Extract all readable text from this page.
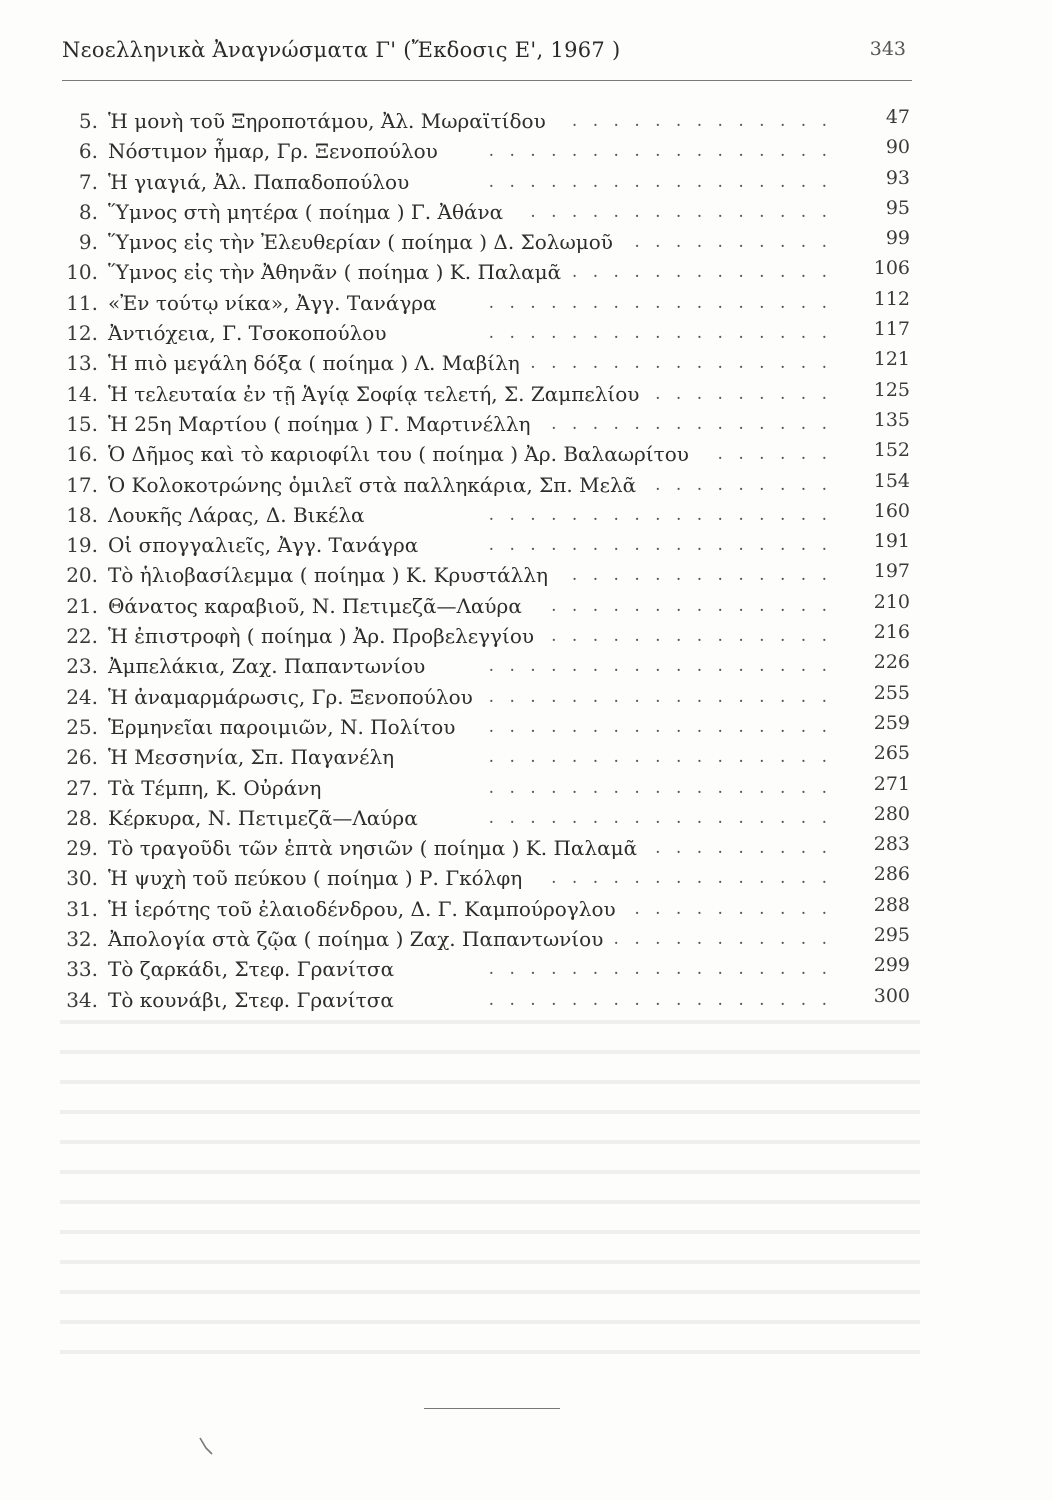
Νεοελληνικὰ Ἀναγνώσματα Γ' (Ἔκδοσις Ε', 1967 )	343
5. Ἡ μονὴ τοῦ Ξηροποτάμου, Ἀλ. Μωραϊτίδου . . . . . . . . . . . . .	47
6. Νόστιμον ἦμαρ, Γρ. Ξενοπούλου	. . . . . . . . . . . . . . . . .	90
7. Ἡ γιαγιά, Ἀλ. Παπαδοπούλου	. . . . . . . . . . . . . . . . .	93
8. Ὕμνος στὴ μητέρα ( ποίημα ) Γ. Ἀθάνα . . . . . . . . . . . . . . .	95
9. Ὕμνος εἰς τὴν Ἐλευθερίαν ( ποίημα ) Δ. Σολωμοῦ . . . . . . . . . .	99
10. Ὕμνος εἰς τὴν Ἀθηνᾶν ( ποίημα ) Κ. Παλαμᾶ . . . . . . . . . . . . .	106
11. «Ἐν τούτῳ νίκα», Ἀγγ. Τανάγρα	. . . . . . . . . . . . . . . . .	112
12. Ἀντιόχεια, Γ. Τσοκοπούλου	. . . . . . . . . . . . . . . . .	117
13. Ἡ πιὸ μεγάλη δόξα ( ποίημα ) Λ. Μαβίλη . . . . . . . . . . . . . . .	121
14. Ἡ τελευταία ἐν τῇ Ἁγίᾳ Σοφίᾳ τελετή, Σ. Ζαμπελίου . . . . . . . . .	125
15. Ἡ 25η Μαρτίου ( ποίημα ) Γ. Μαρτινέλλη . . . . . . . . . . . . . .	135
16. Ὁ Δῆμος καὶ τὸ καριοφίλι του ( ποίημα ) Ἀρ. Βαλαωρίτου . . . . . .	152
17. Ὁ Κολοκοτρώνης ὁμιλεῖ στὰ παλληκάρια, Σπ. Μελᾶ . . . . . . . . .	154
18. Λουκῆς Λάρας, Δ. Βικέλα	. . . . . . . . . . . . . . . . .	160
19. Οἱ σπογγαλιεῖς, Ἀγγ. Τανάγρα	. . . . . . . . . . . . . . . . .	191
20. Τὸ ἡλιοβασίλεμμα ( ποίημα ) Κ. Κρυστάλλη . . . . . . . . . . . . .	197
21. Θάνατος καραβιοῦ, Ν. Πετιμεζᾶ—Λαύρα . . . . . . . . . . . . . .	210
22. Ἡ ἐπιστροφὴ ( ποίημα ) Ἀρ. Προβελεγγίου . . . . . . . . . . . . . .	216
23. Ἀμπελάκια, Ζαχ. Παπαντωνίου	. . . . . . . . . . . . . . . . .	226
24. Ἡ ἀναμαρμάρωσις, Γρ. Ξενοπούλου . . . . . . . . . . . . . . . . .	255
25. Ἑρμηνεῖαι παροιμιῶν, Ν. Πολίτου . . . . . . . . . . . . . . . . .	259
26. Ἡ Μεσσηνία, Σπ. Παγανέλη	. . . . . . . . . . . . . . . . .	265
27. Τὰ Τέμπη, Κ. Οὐράνη	. . . . . . . . . . . . . . . . .	271
28. Κέρκυρα, Ν. Πετιμεζᾶ—Λαύρα	. . . . . . . . . . . . . . . . .	280
29. Τὸ τραγοῦδι τῶν ἑπτὰ νησιῶν ( ποίημα ) Κ. Παλαμᾶ . . . . . . . . .	283
30. Ἡ ψυχὴ τοῦ πεύκου ( ποίημα ) Ρ. Γκόλφη . . . . . . . . . . . . . .	286
31. Ἡ ἱερότης τοῦ ἐλαιοδένδρου, Δ. Γ. Καμπούρογλου . . . . . . . . . .	288
32. Ἀπολογία στὰ ζῷα ( ποίημα ) Ζαχ. Παπαντωνίου . . . . . . . . . . .	295
33. Τὸ ζαρκάδι, Στεφ. Γρανίτσα	. . . . . . . . . . . . . . . . .	299
34. Τὸ κουνάβι, Στεφ. Γρανίτσα	. . . . . . . . . . . . . . . . .	300
